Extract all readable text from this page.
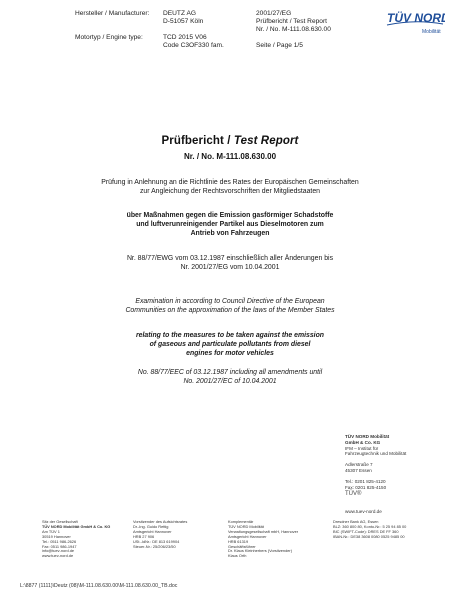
Hersteller / Manufacturer: DEUTZ AG
D-51057 Köln
Motortyp / Engine type:	TCD 2015 V06
Code C3OF330 fam.
2001/27/EG
Prüfbericht / Test Report
Nr. / No. M-111.08.630.00
Seite / Page 1/5
TÜV NORD
Mobilität
Prüfbericht / Test Report
Nr. / No. M-111.08.630.00
Prüfung in Anlehnung an die Richtlinie des Rates der Europäischen Gemeinschaften
zur Angleichung der Rechtsvorschriften der Mitgliedstaaten
über Maßnahmen gegen die Emission gasförmiger Schadstoffe
und luftverunreinigender Partikel aus Dieselmotoren zum
Antrieb von Fahrzeugen
Nr. 88/77/EWG vom 03.12.1987 einschließlich aller Änderungen bis
Nr. 2001/27/EG vom 10.04.2001
Examination in according to Council Directive of the European
Communities on the approximation of the laws of the Member States
relating to the measures to be taken against the emission
of gaseous and particulate pollutants from diesel
engines for motor vehicles
No. 88/77/EEC of 03.12.1987 including all amendments until
No. 2001/27/EC of 10.04.2001
TÜV NORD Mobilität
GmbH & Co. KG
IFM – Institut für
Fahrzeugtechnik und Mobilität
Adlerstraße 7
45307 Essen
Tel.: 0201 825-4120
Fax: 0201 825-4150
TÜV®
www.tuev-nord.de
Sitz der Gesellschaft
TÜV NORD Mobilität GmbH & Co. KG
Am TÜV 1
30519 Hannover
Tel.: 0511 986-2626
Fax: 0511 986-1947
info@tuev-nord.de
www.tuev-nord.de
Vorsitzender des Aufsichtsrates
Dr.-Ing. Guido Rettig
Amtsgericht Hannover
HRB 27 906
USt.-IdNr.: DE 813 619904
Steuer-Nr.: 25/206/23/50
Komplementär
TÜV NORD Mobilität
Verwaltungsgesellschaft mbH, Hannover
Amtsgericht Hannover
HRB 61319
Geschäftsführer
Dr. Klaus Kleinherbers (Vorsitzender)
Klaus Orth
Dresdner Bank AG, Essen
BLZ: 360 800 80, Konto-Nr.: 5 25 94 85 00
BIC (SWIFT-Code): DRES DE FF 360
IBAN-Nr.: DE38 3608 0080 0525 9485 00
L:\8877 (1111)\Deutz (08)\M-111.08.630.00\M-111.08.630.00_TB.doc
